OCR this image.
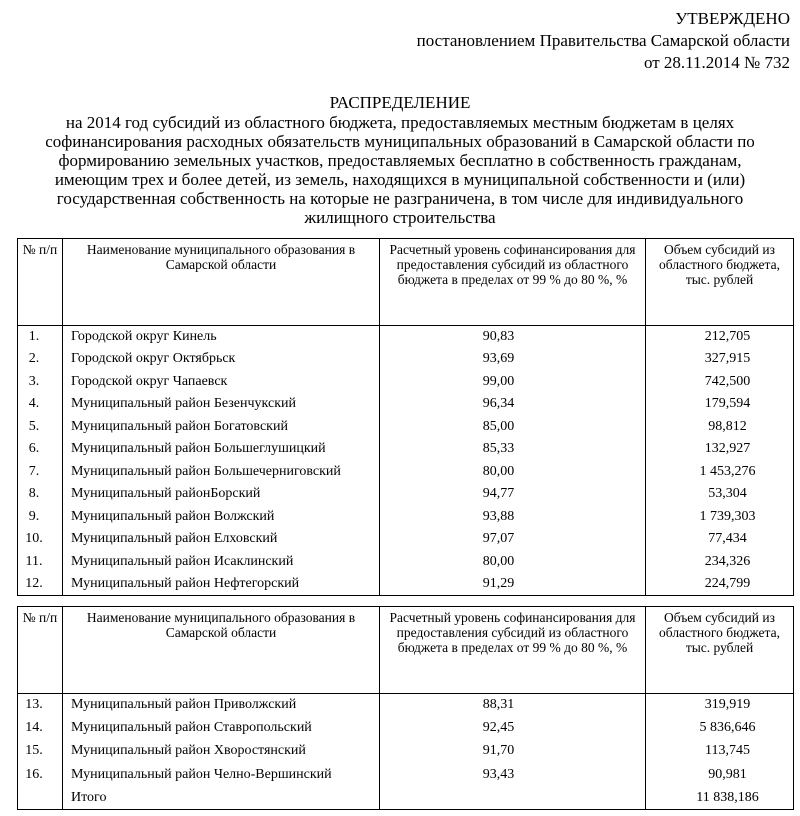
УТВЕРЖДЕНО
постановлением Правительства Самарской области
от 28.11.2014 № 732
РАСПРЕДЕЛЕНИЕ
на 2014 год субсидий из областного бюджета, предоставляемых местным бюджетам в целях софинансирования расходных обязательств муниципальных образований в Самарской области по формированию земельных участков, предоставляемых бесплатно в собственность гражданам, имеющим трех и более детей, из земель, находящихся в муниципальной собственности и (или) государственная собственность на которые не разграничена, в том числе для индивидуального жилищного строительства
№ п/п	Наименование муниципального образования в Самарской области	Расчетный уровень софинансирования для предоставления субсидий из областного бюджета в пределах от 99 % до 80 %, %	Объем субсидий из областного бюджета, тыс. рублей
1.	Городской округ Кинель	90,83	212,705
2.	Городской округ Октябрьск	93,69	327,915
3.	Городской округ Чапаевск	99,00	742,500
4.	Муниципальный район Безенчукский	96,34	179,594
5.	Муниципальный район Богатовский	85,00	98,812
6.	Муниципальный район Большеглушицкий	85,33	132,927
7.	Муниципальный район Большечерниговский	80,00	1 453,276
8.	Муниципальный районБорский	94,77	53,304
9.	Муниципальный район Волжский	93,88	1 739,303
10.	Муниципальный район Елховский	97,07	77,434
11.	Муниципальный район Исаклинский	80,00	234,326
12.	Муниципальный район Нефтегорский	91,29	224,799
№ п/п	Наименование муниципального образования в Самарской области	Расчетный уровень софинансирования для предоставления субсидий из областного бюджета в пределах от 99 % до 80 %, %	Объем субсидий из областного бюджета, тыс. рублей
13.	Муниципальный район Приволжский	88,31	319,919
14.	Муниципальный район Ставропольский	92,45	5 836,646
15.	Муниципальный район Хворостянский	91,70	113,745
16.	Муниципальный район Челно-Вершинский	93,43	90,981
	Итого		11 838,186
